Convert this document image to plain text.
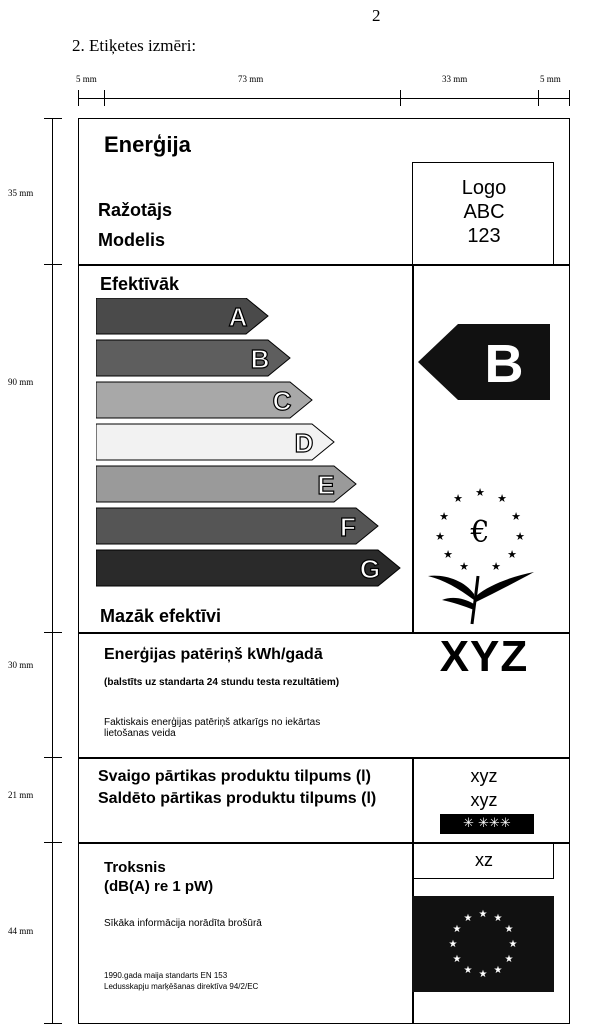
2
2. Etiķetes izmēri:
5 mm	73 mm	33 mm	5 mm
35 mm
90 mm
30 mm
21 mm
44 mm
Enerģija
Ražotājs
Modelis
Logo
ABC
123
Efektīvāk
Mazāk efektīvi
A
B
C
D
E
F
G
B
★ ★
★
★
★
★
★
★
★
★
★
€
Enerģijas patēriņš kWh/gadā
(balstīts uz standarta 24 stundu testa rezultātiem)
Faktiskais enerģijas patēriņš atkarīgs no iekārtas
lietošanas veida
XYZ
Svaigo pārtikas produktu tilpums (l)
Saldēto pārtikas produktu tilpums (l)
xyz
xyz
✳ ✳✳✳
xz
Troksnis
(dB(A) re 1 pW)
Sīkāka informācija norādīta brošūrā
1990.gada maija standarts EN 153
Ledusskapju marķēšanas direktīva 94/2/EC
★ ★
★
★
★
★
★
★
★
★
★
★
